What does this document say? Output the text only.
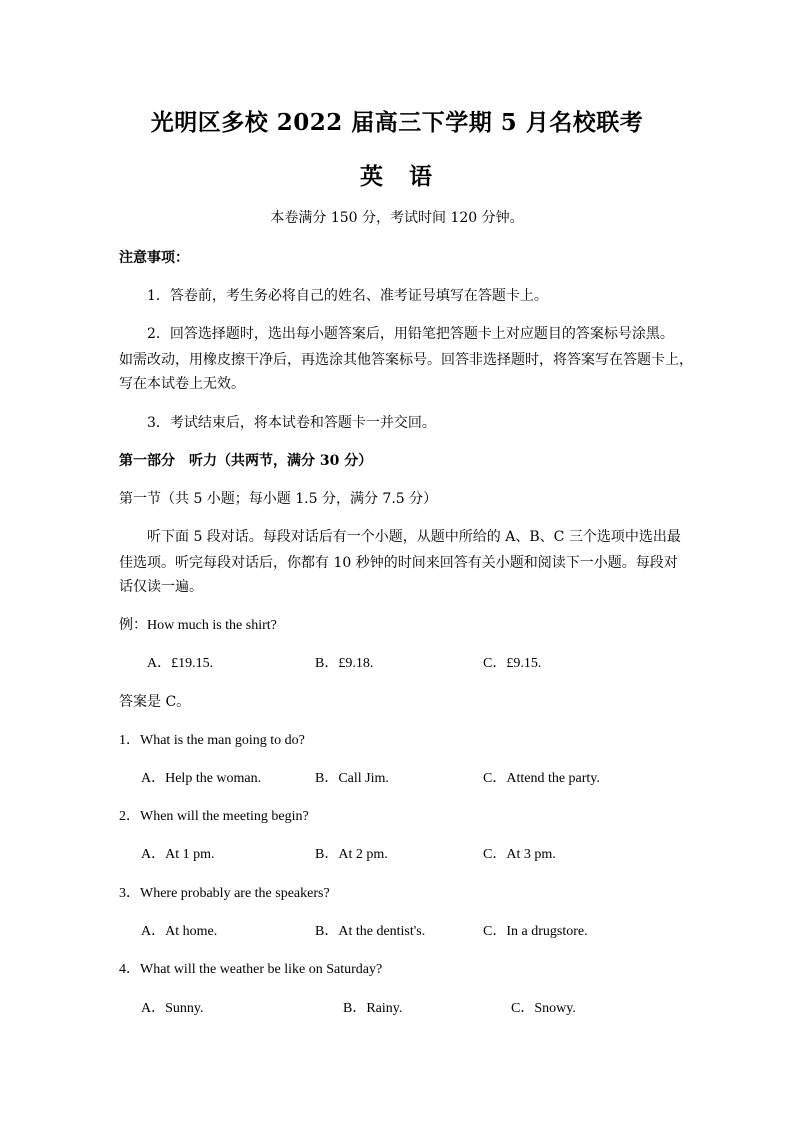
光明区多校 2022 届高三下学期 5 月名校联考
英 语
本卷满分 150 分，考试时间 120 分钟。
注意事项：
1．答卷前，考生务必将自己的姓名、准考证号填写在答题卡上。
2．回答选择题时，选出每小题答案后，用铅笔把答题卡上对应题目的答案标号涂黑。
如需改动，用橡皮擦干净后，再选涂其他答案标号。回答非选择题时，将答案写在答题卡上，
写在本试卷上无效。
3．考试结束后，将本试卷和答题卡一并交回。
第一部分　听力（共两节，满分 30 分）
第一节（共 5 小题；每小题 1.5 分，满分 7.5 分）
听下面 5 段对话。每段对话后有一个小题，从题中所给的 A、B、C 三个选项中选出最
佳选项。听完每段对话后，你都有 10 秒钟的时间来回答有关小题和阅读下一小题。每段对
话仅读一遍。
例：How much is the shirt?
A．£19.15.	B．£9.18.	C．£9.15.
答案是 C。
1．What is the man going to do?
A．Help the woman.	B．Call Jim.	C．Attend the party.
2．When will the meeting begin?
A．At 1 pm.	B．At 2 pm.	C．At 3 pm.
3．Where probably are the speakers?
A．At home.	B．At the dentist's.	C．In a drugstore.
4．What will the weather be like on Saturday?
A．Sunny.	B．Rainy.	C．Snowy.
